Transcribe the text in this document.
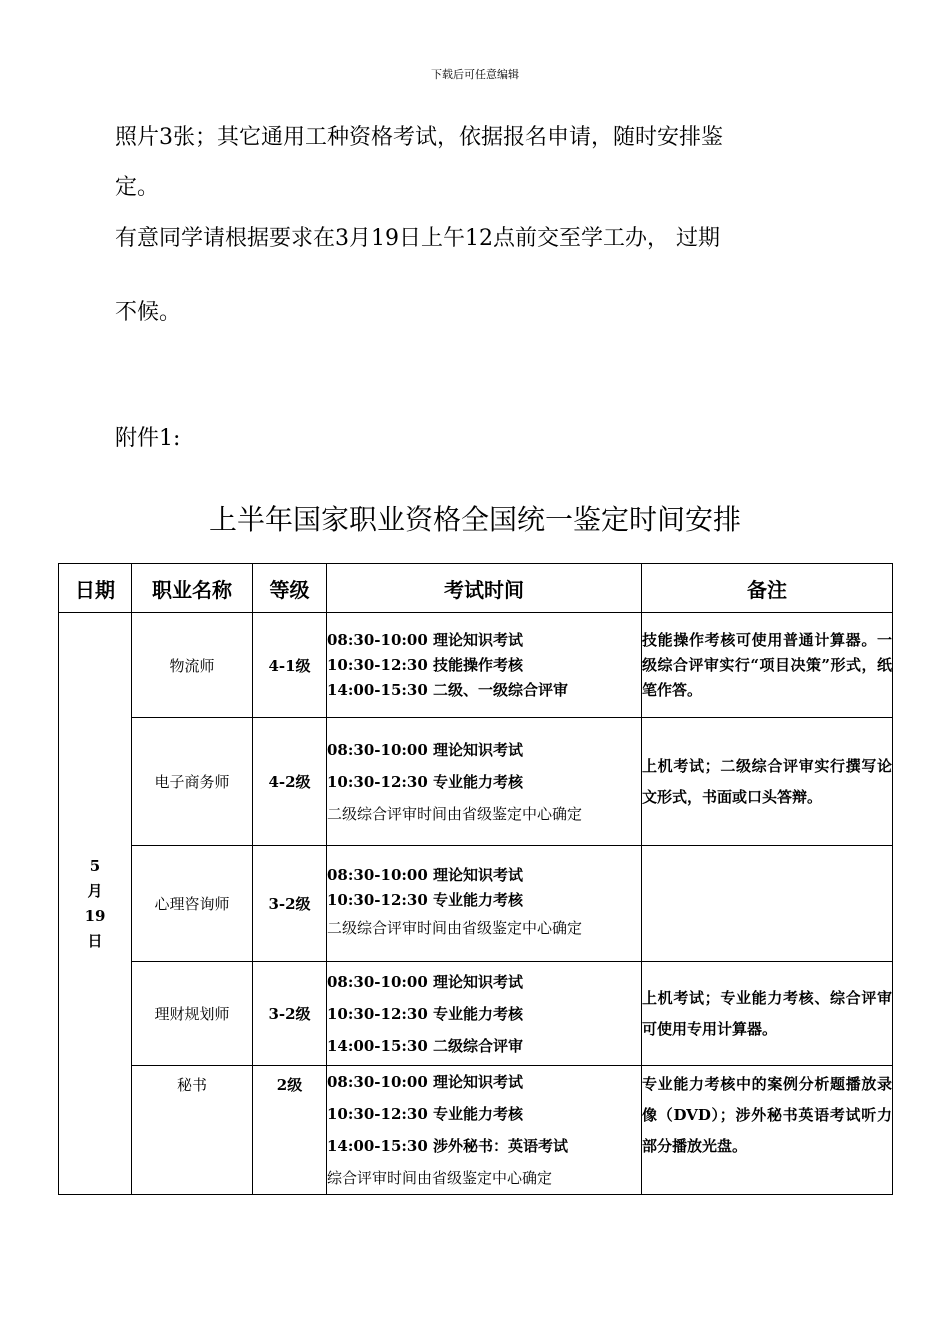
下载后可任意编辑
照片3张；其它通用工种资格考试，依据报名申请，随时安排鉴
定。
有意同学请根据要求在3月19日上午12点前交至学工办， 过期
不候。
附件1:
上半年国家职业资格全国统一鉴定时间安排
日期	职业名称	等级	考试时间	备注

5
月
19
日	物流师	4-1级	08:30-10:00 理论知识考试
10:30-12:30 技能操作考核
14:00-15:30 二级、一级综合评审	技能操作考核可使用普通计算器。一级综合评审实行“项目决策”形式，纸笔作答。
	电子商务师	4-2级	08:30-10:00 理论知识考试
10:30-12:30 专业能力考核
二级综合评审时间由省级鉴定中心确定	上机考试；二级综合评审实行撰写论文形式，书面或口头答辩。
	心理咨询师	3-2级	08:30-10:00 理论知识考试
10:30-12:30 专业能力考核
二级综合评审时间由省级鉴定中心确定	

	理财规划师	3-2级	08:30-10:00 理论知识考试
10:30-12:30 专业能力考核
14:00-15:30 二级综合评审	上机考试；专业能力考核、综合评审可使用专用计算器。
	秘书	2级	08:30-10:00 理论知识考试
10:30-12:30 专业能力考核
14:00-15:30 涉外秘书：英语考试
综合评审时间由省级鉴定中心确定	专业能力考核中的案例分析题播放录像（DVD）；涉外秘书英语考试听力部分播放光盘。
